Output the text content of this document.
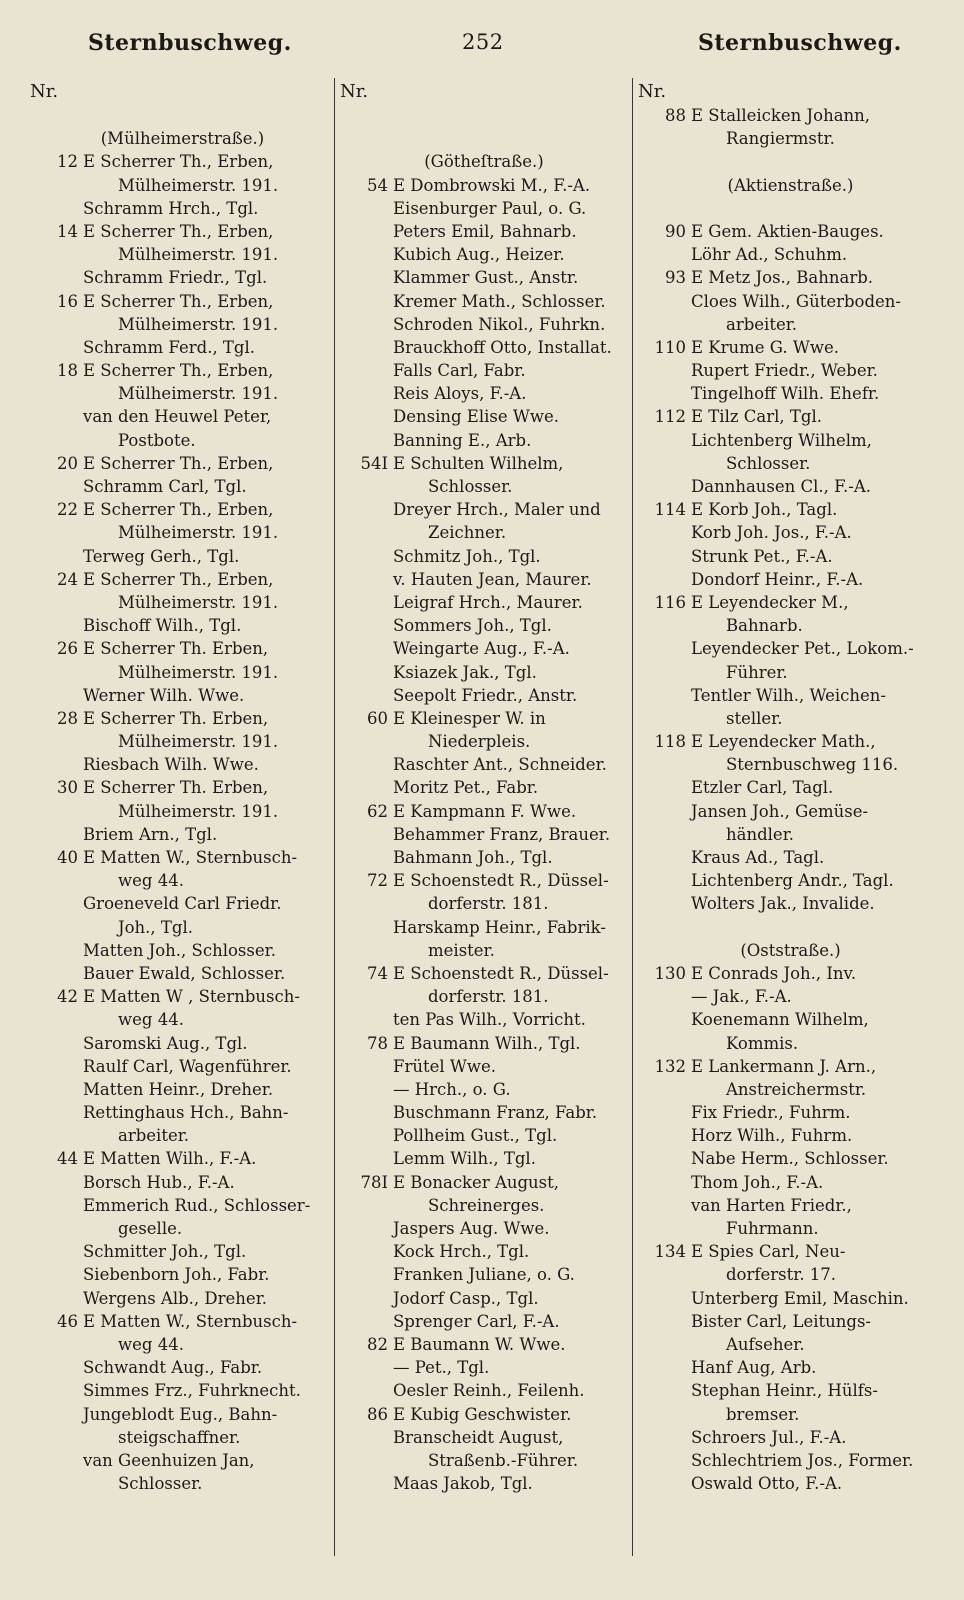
Sternbuschweg.	252	Sternbuschweg.
Nr.
(Mülheimerstraße.)
12 E Scherrer Th., Erben,
Mülheimerstr. 191.
Schramm Hrch., Tgl.
14 E Scherrer Th., Erben,
Mülheimerstr. 191.
Schramm Friedr., Tgl.
16 E Scherrer Th., Erben,
Mülheimerstr. 191.
Schramm Ferd., Tgl.
18 E Scherrer Th., Erben,
Mülheimerstr. 191.
van den Heuwel Peter,
Postbote.
20 E Scherrer Th., Erben,
Schramm Carl, Tgl.
22 E Scherrer Th., Erben,
Mülheimerstr. 191.
Terweg Gerh., Tgl.
24 E Scherrer Th., Erben,
Mülheimerstr. 191.
Bischoff Wilh., Tgl.
26 E Scherrer Th. Erben,
Mülheimerstr. 191.
Werner Wilh. Wwe.
28 E Scherrer Th. Erben,
Mülheimerstr. 191.
Riesbach Wilh. Wwe.
30 E Scherrer Th. Erben,
Mülheimerstr. 191.
Briem Arn., Tgl.
40 E Matten W., Sternbusch-
weg 44.
Groeneveld Carl Friedr.
Joh., Tgl.
Matten Joh., Schlosser.
Bauer Ewald, Schlosser.
42 E Matten W , Sternbusch-
weg 44.
Saromski Aug., Tgl.
Raulf Carl, Wagenführer.
Matten Heinr., Dreher.
Rettinghaus Hch., Bahn-
arbeiter.
44 E Matten Wilh., F.-A.
Borsch Hub., F.-A.
Emmerich Rud., Schlosser-
geselle.
Schmitter Joh., Tgl.
Siebenborn Joh., Fabr.
Wergens Alb., Dreher.
46 E Matten W., Sternbusch-
weg 44.
Schwandt Aug., Fabr.
Simmes Frz., Fuhrknecht.
Jungeblodt Eug., Bahn-
steigschaffner.
van Geenhuizen Jan,
Schlosser.
Nr.
(Götheſtraße.)
54 E Dombrowski M., F.-A.
Eisenburger Paul, o. G.
Peters Emil, Bahnarb.
Kubich Aug., Heizer.
Klammer Gust., Anstr.
Kremer Math., Schlosser.
Schroden Nikol., Fuhrkn.
Brauckhoff Otto, Installat.
Falls Carl, Fabr.
Reis Aloys, F.-A.
Densing Elise Wwe.
Banning E., Arb.
54I E Schulten Wilhelm,
Schlosser.
Dreyer Hrch., Maler und
Zeichner.
Schmitz Joh., Tgl.
v. Hauten Jean, Maurer.
Leigraf Hrch., Maurer.
Sommers Joh., Tgl.
Weingarte Aug., F.-A.
Ksiazek Jak., Tgl.
Seepolt Friedr., Anstr.
60 E Kleinesper W. in
Niederpleis.
Raschter Ant., Schneider.
Moritz Pet., Fabr.
62 E Kampmann F. Wwe.
Behammer Franz, Brauer.
Bahmann Joh., Tgl.
72 E Schoenstedt R., Düssel-
dorferstr. 181.
Harskamp Heinr., Fabrik-
meister.
74 E Schoenstedt R., Düssel-
dorferstr. 181.
ten Pas Wilh., Vorricht.
78 E Baumann Wilh., Tgl.
Frütel Wwe.
— Hrch., o. G.
Buschmann Franz, Fabr.
Pollheim Gust., Tgl.
Lemm Wilh., Tgl.
78I E Bonacker August,
Schreinerges.
Jaspers Aug. Wwe.
Kock Hrch., Tgl.
Franken Juliane, o. G.
Jodorf Casp., Tgl.
Sprenger Carl, F.-A.
82 E Baumann W. Wwe.
— Pet., Tgl.
Oesler Reinh., Feilenh.
86 E Kubig Geschwister.
Branscheidt August,
Straßenb.-Führer.
Maas Jakob, Tgl.
Nr.
88 E Stalleicken Johann,
Rangiermstr.
(Aktienstraße.)
90 E Gem. Aktien-Bauges.
Löhr Ad., Schuhm.
93 E Metz Jos., Bahnarb.
Cloes Wilh., Güterboden-
arbeiter.
110 E Krume G. Wwe.
Rupert Friedr., Weber.
Tingelhoff Wilh. Ehefr.
112 E Tilz Carl, Tgl.
Lichtenberg Wilhelm,
Schlosser.
Dannhausen Cl., F.-A.
114 E Korb Joh., Tagl.
Korb Joh. Jos., F.-A.
Strunk Pet., F.-A.
Dondorf Heinr., F.-A.
116 E Leyendecker M.,
Bahnarb.
Leyendecker Pet., Lokom.-
Führer.
Tentler Wilh., Weichen-
steller.
118 E Leyendecker Math.,
Sternbuschweg 116.
Etzler Carl, Tagl.
Jansen Joh., Gemüse-
händler.
Kraus Ad., Tagl.
Lichtenberg Andr., Tagl.
Wolters Jak., Invalide.
(Oststraße.)
130 E Conrads Joh., Inv.
— Jak., F.-A.
Koenemann Wilhelm,
Kommis.
132 E Lankermann J. Arn.,
Anstreichermstr.
Fix Friedr., Fuhrm.
Horz Wilh., Fuhrm.
Nabe Herm., Schlosser.
Thom Joh., F.-A.
van Harten Friedr.,
Fuhrmann.
134 E Spies Carl, Neu-
dorferstr. 17.
Unterberg Emil, Maschin.
Bister Carl, Leitungs-
Aufseher.
Hanf Aug, Arb.
Stephan Heinr., Hülfs-
bremser.
Schroers Jul., F.-A.
Schlechtriem Jos., Former.
Oswald Otto, F.-A.
